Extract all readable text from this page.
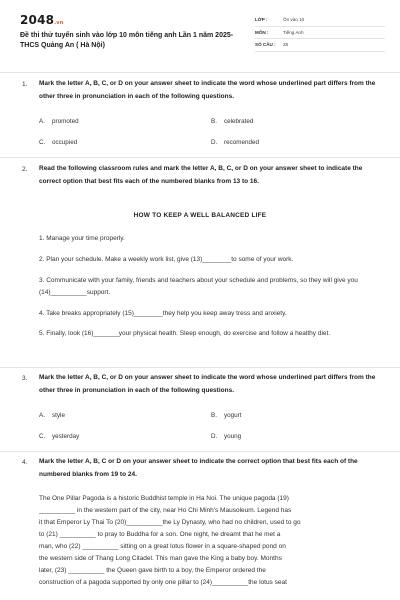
2048.vn
Đề thi thử tuyển sinh vào lớp 10 môn tiếng anh Lần 1 năm 2025- THCS Quảng An ( Hà Nội)
LỚP :	Ôn vào 10
MÔN :	Tiếng Anh
SỐ CÂU :	28
1. Mark the letter A, B, C, or D on your answer sheet to indicate the word whose underlined part differs from the other three in pronunciation in each of the following questions.
A. promoted	B. celebrated
C. occupied	D. recomended
2. Read the following classroom rules and mark the letter A, B, C, or D on your answer sheet to indicate the correct option that best fits each of the numbered blanks from 13 to 16.
HOW TO KEEP A WELL BALANCED LIFE
1. Manage your time properly.
2. Plan your schedule. Make a weekly work list, give (13)________to some of your work.
3. Communicate with your family, friends and teachers about your schedule and problems, so they will give you (14)__________support.
4. Take breaks appropriately (15)________they help you keep away tress and anxiety.
5. Finally, look (16)_______your physical health. Sleep enough, do exercise and follow a healthy diet.
3. Mark the letter A, B, C, or D on your answer sheet to indicate the word whose underlined part differs from the other three in pronunciation in each of the following questions.
A. style	B. yogurt
C. yesterday	D. young
4. Mark the letter A, B, C or D on your answer sheet to indicate the correct option that best fits each of the numbered blanks from 19 to 24.
The One Pillar Pagoda is a historic Buddhist temple in Ha Noi. The unique pagoda (19)
__________ in the western part of the city, near Ho Chi Minh's Mausoleum. Legend has
it that Emperor Ly Thai To (20)__________the Ly Dynasty, who had no children, used to go
to (21) __________ to pray to Buddha for a son. One night, he dreamt that he met a
man, who (22) __________ sitting on a great lotus flower in a square-shaped pond on
the western side of Thang Long Citadel. This man gave the King a baby boy. Months
later, (23) __________ the Queen gave birth to a boy, the Emperor ordered the
construction of a pagoda supported by only one pillar to (24)__________the lotus seat
